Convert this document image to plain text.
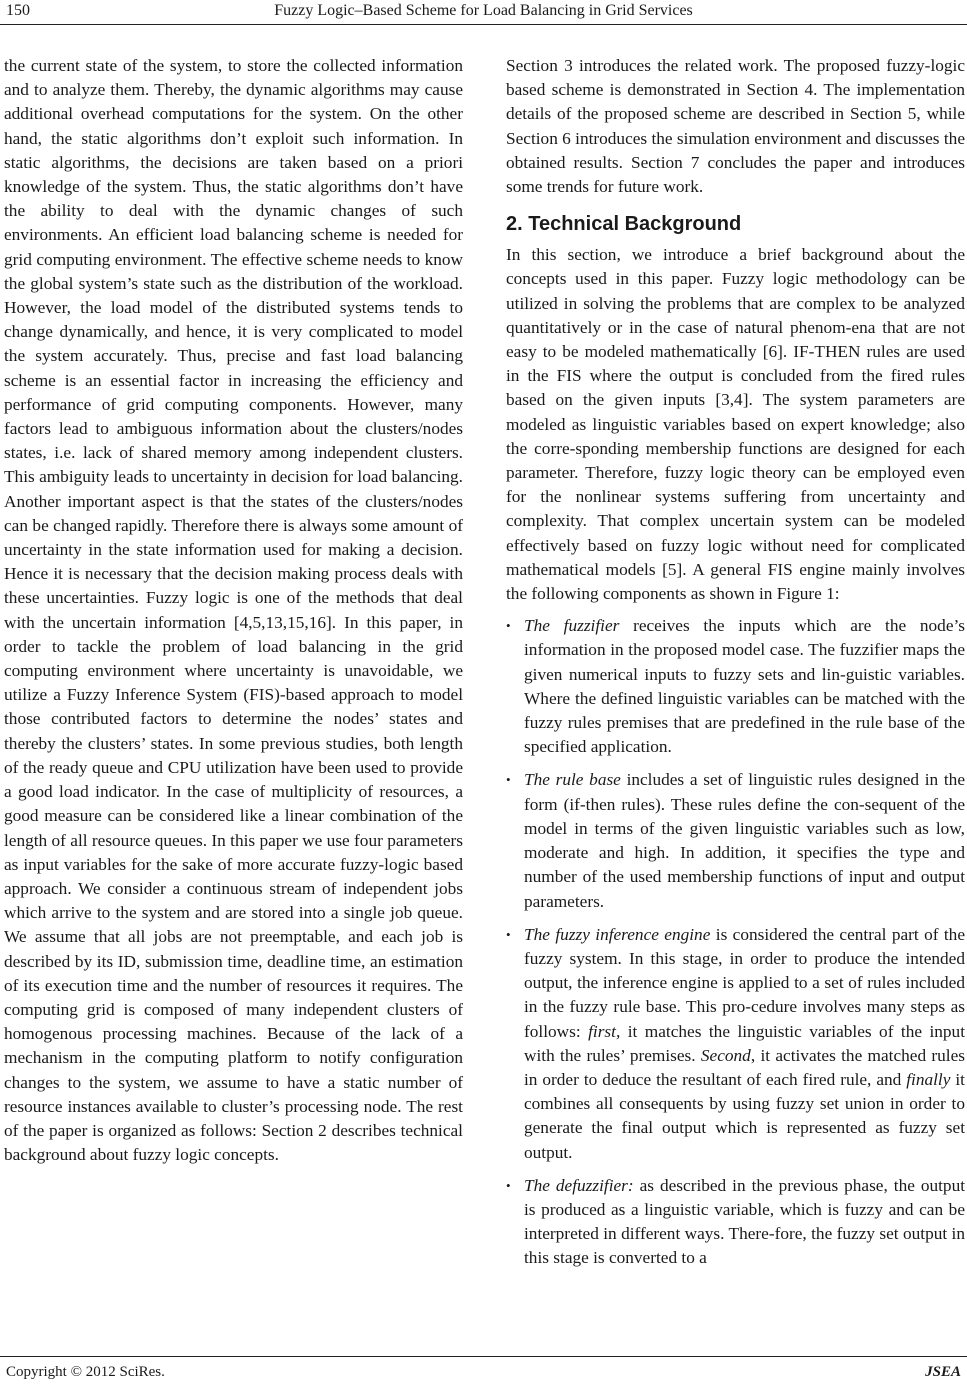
150	Fuzzy Logic–Based Scheme for Load Balancing in Grid Services

the current state of the system, to store the collected information and to analyze them. Thereby, the dynamic algorithms may cause additional overhead computations for the system. On the other hand, the static algorithms don’t exploit such information. In static algorithms, the decisions are taken based on a priori knowledge of the system. Thus, the static algorithms don’t have the ability to deal with the dynamic changes of such environments. An efficient load balancing scheme is needed for grid computing environment. The effective scheme needs to know the global system’s state such as the distribution of the workload. However, the load model of the distributed systems tends to change dynamically, and hence, it is very complicated to model the system accurately. Thus, precise and fast load balancing scheme is an essential factor in increasing the efficiency and performance of grid computing components. However, many factors lead to ambiguous information about the clusters/nodes states, i.e. lack of shared memory among independent clusters. This ambiguity leads to uncertainty in decision for load balancing. Another important aspect is that the states of the clusters/nodes can be changed rapidly. Therefore there is always some amount of uncertainty in the state information used for making a decision. Hence it is necessary that the decision making process deals with these uncertainties. Fuzzy logic is one of the methods that deal with the uncertain information [4,5,13,15,16]. In this paper, in order to tackle the problem of load balancing in the grid computing environment where uncertainty is unavoidable, we utilize a Fuzzy Inference System (FIS)-based approach to model those contributed factors to determine the nodes’ states and thereby the clusters’ states. In some previous studies, both length of the ready queue and CPU utilization have been used to provide a good load indicator. In the case of multiplicity of resources, a good measure can be considered like a linear combination of the length of all resource queues. In this paper we use four parameters as input variables for the sake of more accurate fuzzy-logic based approach. We consider a continuous stream of independent jobs which arrive to the system and are stored into a single job queue. We assume that all jobs are not preemptable, and each job is described by its ID, submission time, deadline time, an estimation of its execution time and the number of resources it requires. The computing grid is composed of many independent clusters of homogenous processing machines. Because of the lack of a mechanism in the computing platform to notify configuration changes to the system, we assume to have a static number of resource instances available to cluster’s processing node. The rest of the paper is organized as follows: Section 2 describes technical background about fuzzy logic concepts.

Section 3 introduces the related work. The proposed fuzzy-logic based scheme is demonstrated in Section 4. The implementation details of the proposed scheme are described in Section 5, while Section 6 introduces the simulation environment and discusses the obtained results. Section 7 concludes the paper and introduces some trends for future work.

2. Technical Background

In this section, we introduce a brief background about the concepts used in this paper. Fuzzy logic methodology can be utilized in solving the problems that are complex to be analyzed quantitatively or in the case of natural phenom-ena that are not easy to be modeled mathematically [6]. IF-THEN rules are used in the FIS where the output is concluded from the fired rules based on the given inputs [3,4]. The system parameters are modeled as linguistic variables based on expert knowledge; also the corre-sponding membership functions are designed for each parameter. Therefore, fuzzy logic theory can be employed even for the nonlinear systems suffering from uncertainty and complexity. That complex uncertain system can be modeled effectively based on fuzzy logic without need for complicated mathematical models [5]. A general FIS engine mainly involves the following components as shown in Figure 1:

• The fuzzifier receives the inputs which are the node’s information in the proposed model case. The fuzzifier maps the given numerical inputs to fuzzy sets and lin-guistic variables. Where the defined linguistic variables can be matched with the fuzzy rules premises that are predefined in the rule base of the specified application.
• The rule base includes a set of linguistic rules designed in the form (if-then rules). These rules define the con-sequent of the model in terms of the given linguistic variables such as low, moderate and high. In addition, it specifies the type and number of the used membership functions of input and output parameters.
• The fuzzy inference engine is considered the central part of the fuzzy system. In this stage, in order to produce the intended output, the inference engine is applied to a set of rules included in the fuzzy rule base. This pro-cedure involves many steps as follows: first, it matches the linguistic variables of the input with the rules’ premises. Second, it activates the matched rules in order to deduce the resultant of each fired rule, and finally it combines all consequents by using fuzzy set union in order to generate the final output which is represented as fuzzy set output.
• The defuzzifier: as described in the previous phase, the output is produced as a linguistic variable, which is fuzzy and can be interpreted in different ways. There-fore, the fuzzy set output in this stage is converted to a
Copyright © 2012 SciRes.	JSEA
